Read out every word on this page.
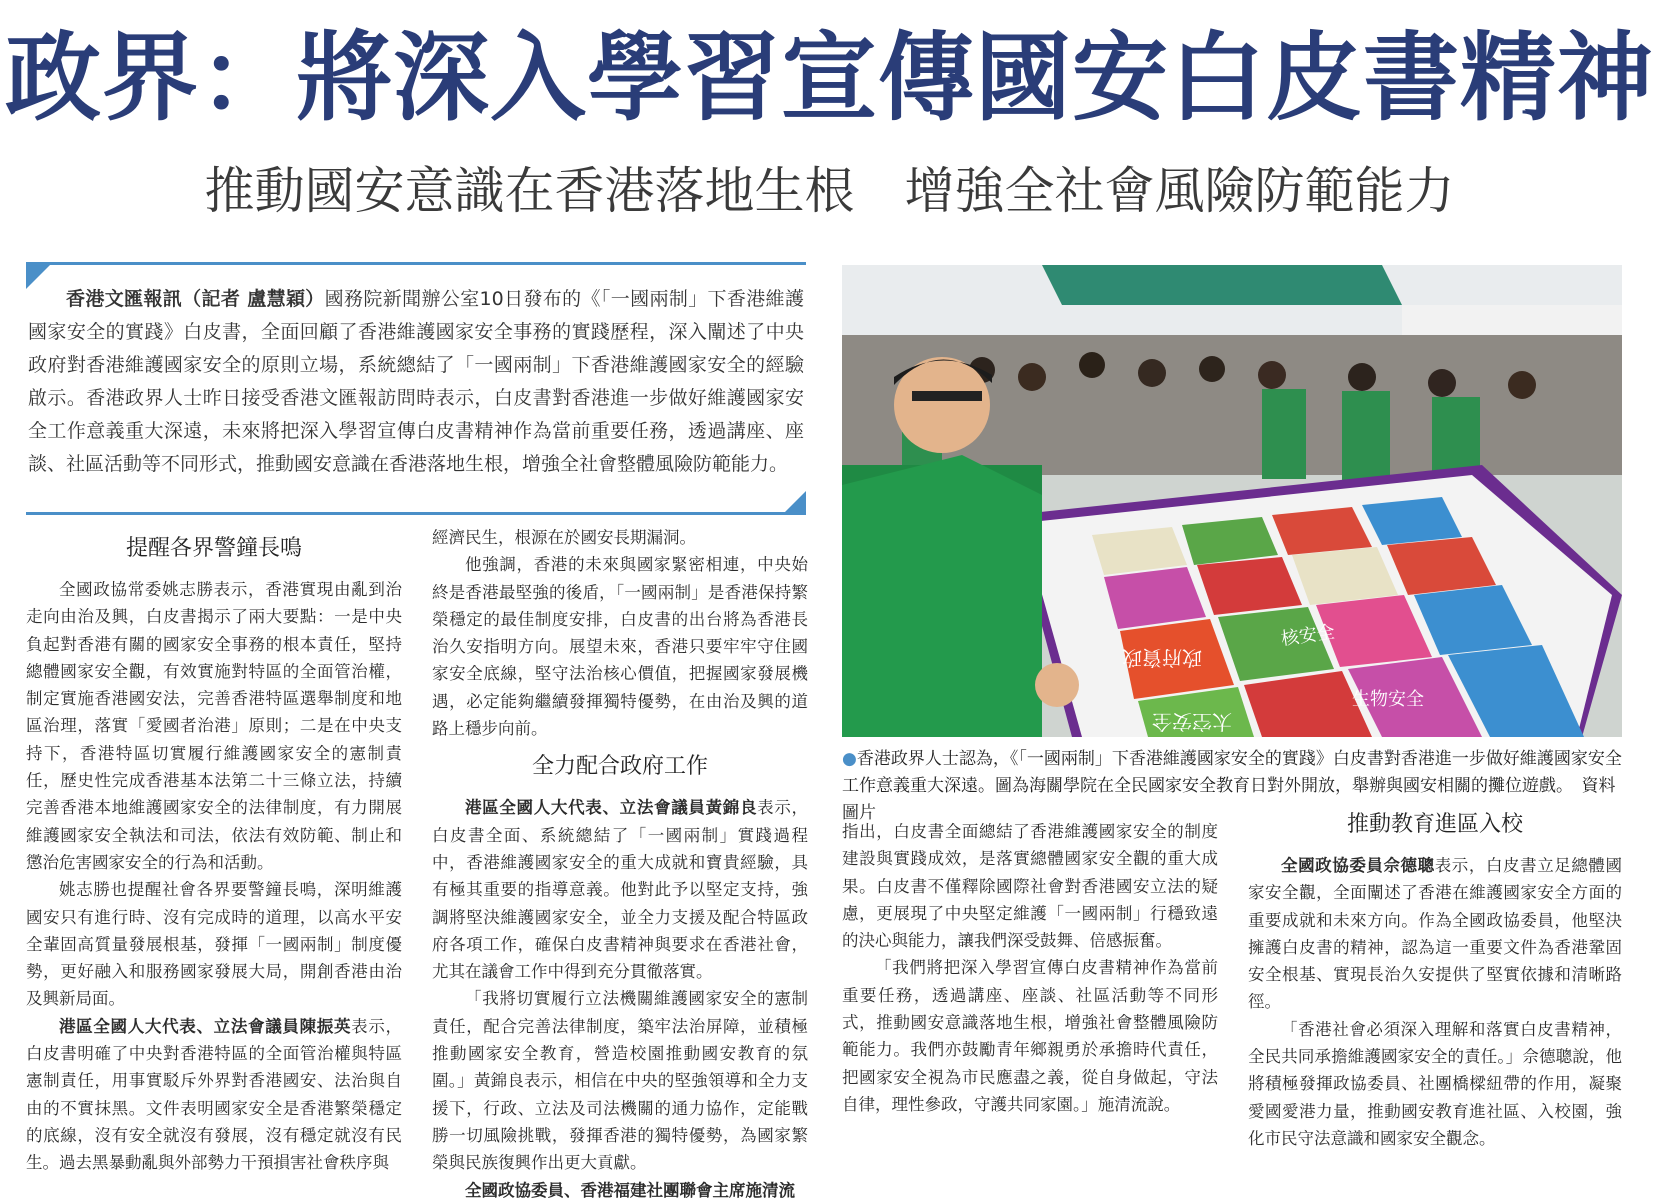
政界：將深入學習宣傳國安白皮書精神
推動國安意識在香港落地生根　增強全社會風險防範能力
香港文匯報訊（記者 盧慧穎）國務院新聞辦公室10日發布的《「一國兩制」下香港維護國家安全的實踐》白皮書，全面回顧了香港維護國家安全事務的實踐歷程，深入闡述了中央政府對香港維護國家安全的原則立場，系統總結了「一國兩制」下香港維護國家安全的經驗啟示。香港政界人士昨日接受香港文匯報訪問時表示，白皮書對香港進一步做好維護國家安全工作意義重大深遠，未來將把深入學習宣傳白皮書精神作為當前重要任務，透過講座、座談、社區活動等不同形式，推動國安意識在香港落地生根，增強全社會整體風險防範能力。
提醒各界警鐘長鳴

全國政協常委姚志勝表示，香港實現由亂到治走向由治及興，白皮書揭示了兩大要點：一是中央負起對香港有關的國家安全事務的根本責任，堅持總體國家安全觀，有效實施對特區的全面管治權，制定實施香港國安法，完善香港特區選舉制度和地區治理，落實「愛國者治港」原則；二是在中央支持下，香港特區切實履行維護國家安全的憲制責任，歷史性完成香港基本法第二十三條立法，持續完善香港本地維護國家安全的法律制度，有力開展維護國家安全執法和司法，依法有效防範、制止和懲治危害國家安全的行為和活動。

姚志勝也提醒社會各界要警鐘長鳴，深明維護國安只有進行時、沒有完成時的道理，以高水平安全輩固高質量發展根基，發揮「一國兩制」制度優勢，更好融入和服務國家發展大局，開創香港由治及興新局面。

港區全國人大代表、立法會議員陳振英表示，白皮書明確了中央對香港特區的全面管治權與特區憲制責任，用事實駁斥外界對香港國安、法治與自由的不實抹黑。文件表明國家安全是香港繁榮穩定的底線，沒有安全就沒有發展，沒有穩定就沒有民生。過去黑暴動亂與外部勢力干預損害社會秩序與

經濟民生，根源在於國安長期漏洞。

他強調，香港的未來與國家緊密相連，中央始終是香港最堅強的後盾，「一國兩制」是香港保持繁榮穩定的最佳制度安排，白皮書的出台將為香港長治久安指明方向。展望未來，香港只要牢牢守住國家安全底線，堅守法治核心價值，把握國家發展機遇，必定能夠繼續發揮獨特優勢，在由治及興的道路上穩步向前。

全力配合政府工作

港區全國人大代表、立法會議員黃錦良表示，白皮書全面、系統總結了「一國兩制」實踐過程中，香港維護國家安全的重大成就和寶貴經驗，具有極其重要的指導意義。他對此予以堅定支持，強調將堅決維護國家安全，並全力支援及配合特區政府各項工作，確保白皮書精神與要求在香港社會，尤其在議會工作中得到充分貫徹落實。

「我將切實履行立法機關維護國家安全的憲制責任，配合完善法律制度，築牢法治屏障，並積極推動國家安全教育，營造校園推動國安教育的氛圍。」黃錦良表示，相信在中央的堅強領導和全力支援下，行政、立法及司法機關的通力協作，定能戰勝一切風險挑戰，發揮香港的獨特優勢，為國家繁榮與民族復興作出更大貢獻。

全國政協委員、香港福建社團聯會主席施清流

政府資政
核安全
太空安全
生物安全
●香港政界人士認為，《「一國兩制」下香港維護國家安全的實踐》白皮書對香港進一步做好維護國家安全工作意義重大深遠。圖為海關學院在全民國家安全教育日對外開放，舉辦與國安相關的攤位遊戲。　 資料圖片

指出，白皮書全面總結了香港維護國家安全的制度建設與實踐成效，是落實總體國家安全觀的重大成果。白皮書不僅釋除國際社會對香港國安立法的疑慮，更展現了中央堅定維護「一國兩制」行穩致遠的決心與能力，讓我們深受鼓舞、倍感振奮。

「我們將把深入學習宣傳白皮書精神作為當前重要任務，透過講座、座談、社區活動等不同形式，推動國安意識落地生根，增強社會整體風險防範能力。我們亦鼓勵青年鄉親勇於承擔時代責任，把國家安全視為市民應盡之義，從自身做起，守法自律，理性參政，守護共同家園。」施清流說。

推動教育進區入校

全國政協委員佘德聰表示，白皮書立足總體國家安全觀，全面闡述了香港在維護國家安全方面的重要成就和未來方向。作為全國政協委員，他堅決擁護白皮書的精神，認為這一重要文件為香港鞏固安全根基、實現長治久安提供了堅實依據和清晰路徑。

「香港社會必須深入理解和落實白皮書精神，全民共同承擔維護國家安全的責任。」佘德聰說，他將積極發揮政協委員、社團橋樑紐帶的作用，凝聚愛國愛港力量，推動國安教育進社區、入校園，強化市民守法意識和國家安全觀念。
